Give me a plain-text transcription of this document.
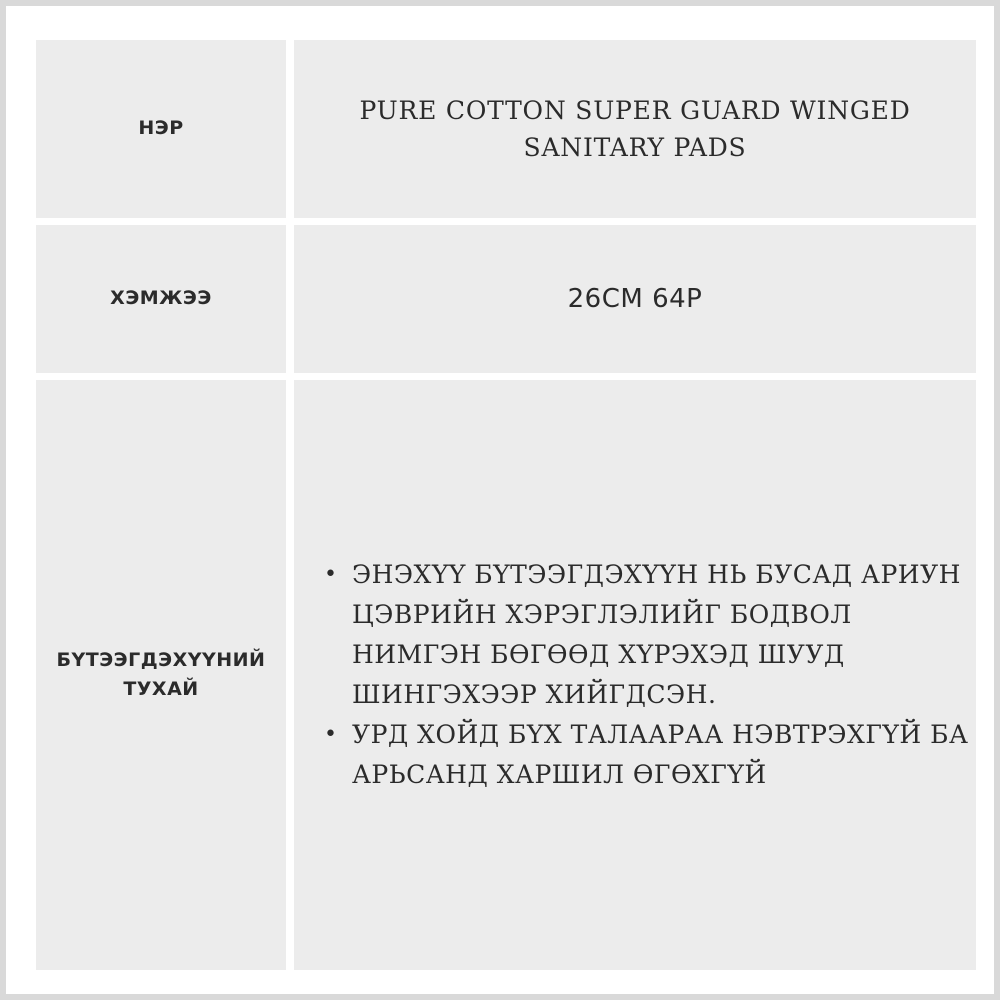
НЭР
PURE COTTON SUPER GUARD WINGED SANITARY PADS
ХЭМЖЭЭ	26CM 64P
БҮТЭЭГДЭХҮҮНИЙ ТУХАЙ
• ЭНЭХҮҮ БҮТЭЭГДЭХҮҮН НЬ БУСАД АРИУН ЦЭВРИЙН ХЭРЭГЛЭЛИЙГ БОДВОЛ НИМГЭН БӨГӨӨД ХҮРЭХЭД ШУУД ШИНГЭХЭЭР ХИЙГДСЭН.
• УРД ХОЙД БҮХ ТАЛААРАА НЭВТРЭХГҮЙ БА АРЬСАНД ХАРШИЛ ӨГӨХГҮЙ
